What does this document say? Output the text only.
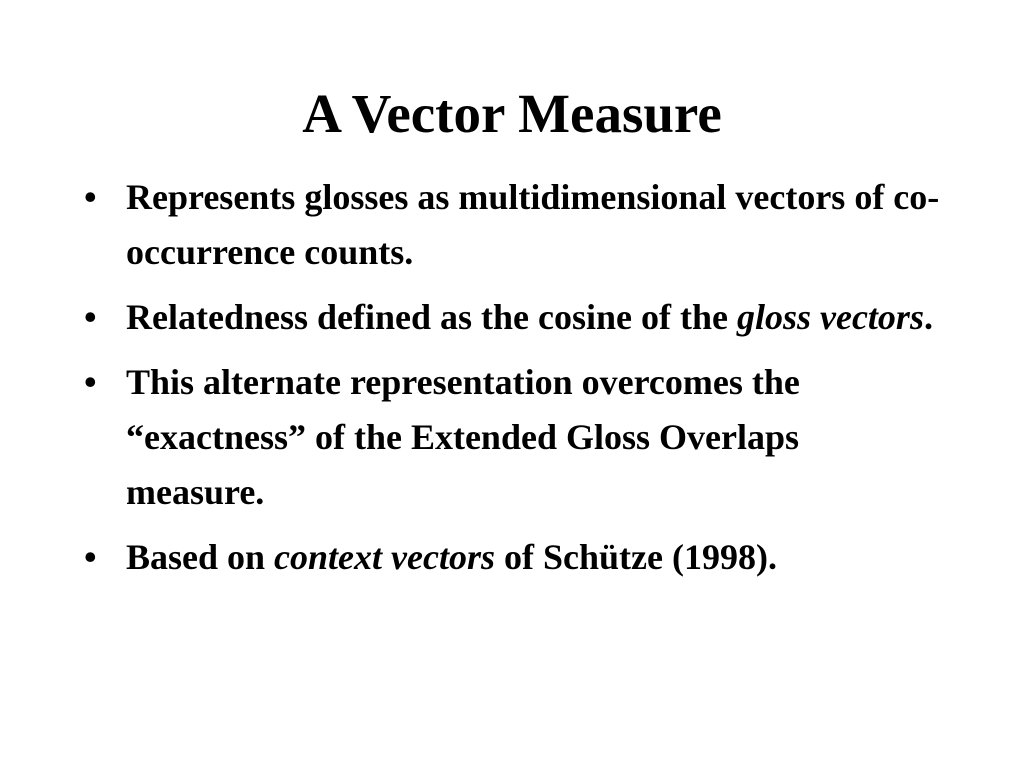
A Vector Measure
• Represents glosses as multidimensional vectors of co-occurrence counts.
• Relatedness defined as the cosine of the gloss vectors.
• This alternate representation overcomes the “exactness” of the Extended Gloss Overlaps measure.
• Based on context vectors of Schütze (1998).
